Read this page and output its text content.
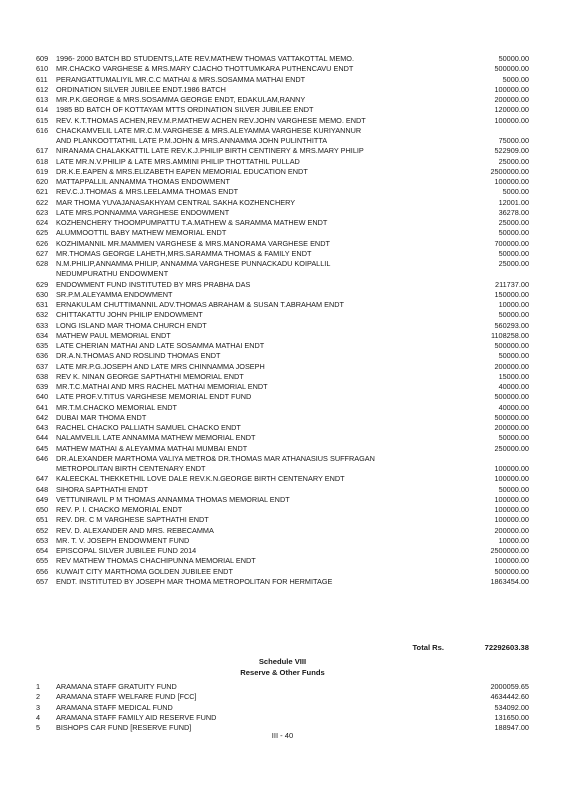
609	1996- 2000 BATCH BD STUDENTS,LATE REV.MATHEW THOMAS VATTAKOTTAL MEMO.	50000.00
610	MR.CHACKO VARGHESE & MRS.MARY CJACHO THOTTUMKARA PUTHENCAVU ENDT	500000.00
611	PERANGATTUMALIYIL MR.C.C MATHAI & MRS.SOSAMMA MATHAI ENDT	5000.00
612	ORDINATION SILVER JUBILEE ENDT.1986 BATCH	100000.00
613	MR.P.K.GEORGE & MRS.SOSAMMA GEORGE ENDT, EDAKULAM,RANNY	200000.00
614	1985 BD BATCH OF KOTTAYAM MTTS ORDINATION SILVER JUBILEE ENDT	120000.00
615	REV. K.T.THOMAS ACHEN,REV.M.P.MATHEW ACHEN REV.JOHN VARGHESE MEMO. ENDT	100000.00
616	CHACKAMVELIL LATE MR.C.M.VARGHESE & MRS.ALEYAMMA VARGHESE KURIYANNUR
AND PLANKOOTTATHIL LATE P.M.JOHN & MRS.ANNAMMA JOHN PULINTHITTA	75000.00
617	NIRANAMA CHALAKKATTIL LATE REV.K.J.PHILIP BIRTH CENTINERY & MRS.MARY PHILIP	522909.00
618	LATE MR.N.V.PHILIP & LATE MRS.AMMINI PHILIP THOTTATHIL PULLAD	25000.00
619	DR.K.E.EAPEN & MRS.ELIZABETH EAPEN MEMORIAL EDUCATION ENDT	2500000.00
620	MATTAPPALLIL ANNAMMA THOMAS ENDOWMENT	100000.00
621	REV.C.J.THOMAS & MRS.LEELAMMA THOMAS ENDT	5000.00
622	MAR THOMA YUVAJANASAKHYAM CENTRAL SAKHA KOZHENCHERY	12001.00
623	LATE MRS.PONNAMMA VARGHESE ENDOWMENT	36278.00
624	KOZHENCHERY THOOMPUMPATTU T.A.MATHEW & SARAMMA MATHEW ENDT	25000.00
625	ALUMMOOTTIL BABY MATHEW MEMORIAL ENDT	50000.00
626	KOZHIMANNIL MR.MAMMEN VARGHESE & MRS.MANORAMA VARGHESE ENDT	700000.00
627	MR.THOMAS GEORGE LAHETH,MRS.SARAMMA THOMAS & FAMILY ENDT	50000.00
628	N.M.PHILIP,ANNAMMA PHILIP, ANNAMMA VARGHESE PUNNACKADU KOIPALLIL	25000.00
NEDUMPURATHU ENDOWMENT
629	ENDOWMENT FUND INSTITUTED BY MRS PRABHA DAS	211737.00
630	SR.P.M.ALEYAMMA ENDOWMENT	150000.00
631	ERNAKULAM CHUTTIMANNIL ADV.THOMAS ABRAHAM & SUSAN T.ABRAHAM ENDT	10000.00
632	CHITTAKATTU JOHN PHILIP ENDOWMENT	50000.00
633	LONG ISLAND MAR THOMA CHURCH ENDT	560293.00
634	MATHEW PAUL MEMORIAL ENDT	1108258.00
635	LATE CHERIAN MATHAI AND LATE SOSAMMA MATHAI ENDT	500000.00
636	DR.A.N.THOMAS AND ROSLIND THOMAS ENDT	50000.00
637	LATE MR.P.G.JOSEPH AND LATE MRS CHINNAMMA JOSEPH	200000.00
638	REV K. NINAN GEORGE SAPTHATHI MEMORIAL ENDT	15000.00
639	MR.T.C.MATHAI AND MRS RACHEL MATHAI MEMORIAL ENDT	40000.00
640	LATE PROF.V.TITUS VARGHESE MEMORIAL ENDT FUND	500000.00
641	MR.T.M.CHACKO MEMORIAL ENDT	40000.00
642	DUBAI MAR THOMA ENDT	500000.00
643	RACHEL CHACKO PALLIATH SAMUEL CHACKO ENDT	200000.00
644	NALAMVELIL LATE ANNAMMA MATHEW MEMORIAL ENDT	50000.00
645	MATHEW MATHAI & ALEYAMMA MATHAI MUMBAI ENDT	250000.00
646	DR.ALEXANDER MARTHOMA VALIYA METRO& DR.THOMAS MAR ATHANASIUS SUFFRAGAN
METROPOLITAN BIRTH CENTENARY ENDT	100000.00
647	KALEECKAL THEKKETHIL LOVE DALE REV.K.N.GEORGE BIRTH CENTENARY ENDT	100000.00
648	SIHORA SAPTHATHI ENDT	50000.00
649	VETTUNIRAVIL P M THOMAS ANNAMMA THOMAS MEMORIAL ENDT	100000.00
650	REV. P. I. CHACKO MEMORIAL ENDT	100000.00
651	REV. DR. C M VARGHESE SAPTHATHI ENDT	100000.00
652	REV. D. ALEXANDER AND MRS. REBECAMMA	200000.00
653	MR. T. V. JOSEPH ENDOWMENT FUND	10000.00
654	EPISCOPAL SILVER JUBILEE FUND 2014	2500000.00
655	REV MATHEW THOMAS CHACHIPUNNA MEMORIAL ENDT	100000.00
656	KUWAIT CITY MARTHOMA GOLDEN JUBILEE ENDT	500000.00
657	ENDT. INSTITUTED BY JOSEPH MAR THOMA METROPOLITAN FOR HERMITAGE	1863454.00
Total Rs.	72292603.38
Schedule VIII
Reserve & Other Funds
1	ARAMANA STAFF GRATUITY FUND	2000059.65
2	ARAMANA STAFF WELFARE FUND [FCC]	4634442.60
3	ARAMANA STAFF MEDICAL FUND	534092.00
4	ARAMANA STAFF FAMILY AID RESERVE FUND	131650.00
5	BISHOPS CAR FUND [RESERVE FUND]	188947.00
III - 40
